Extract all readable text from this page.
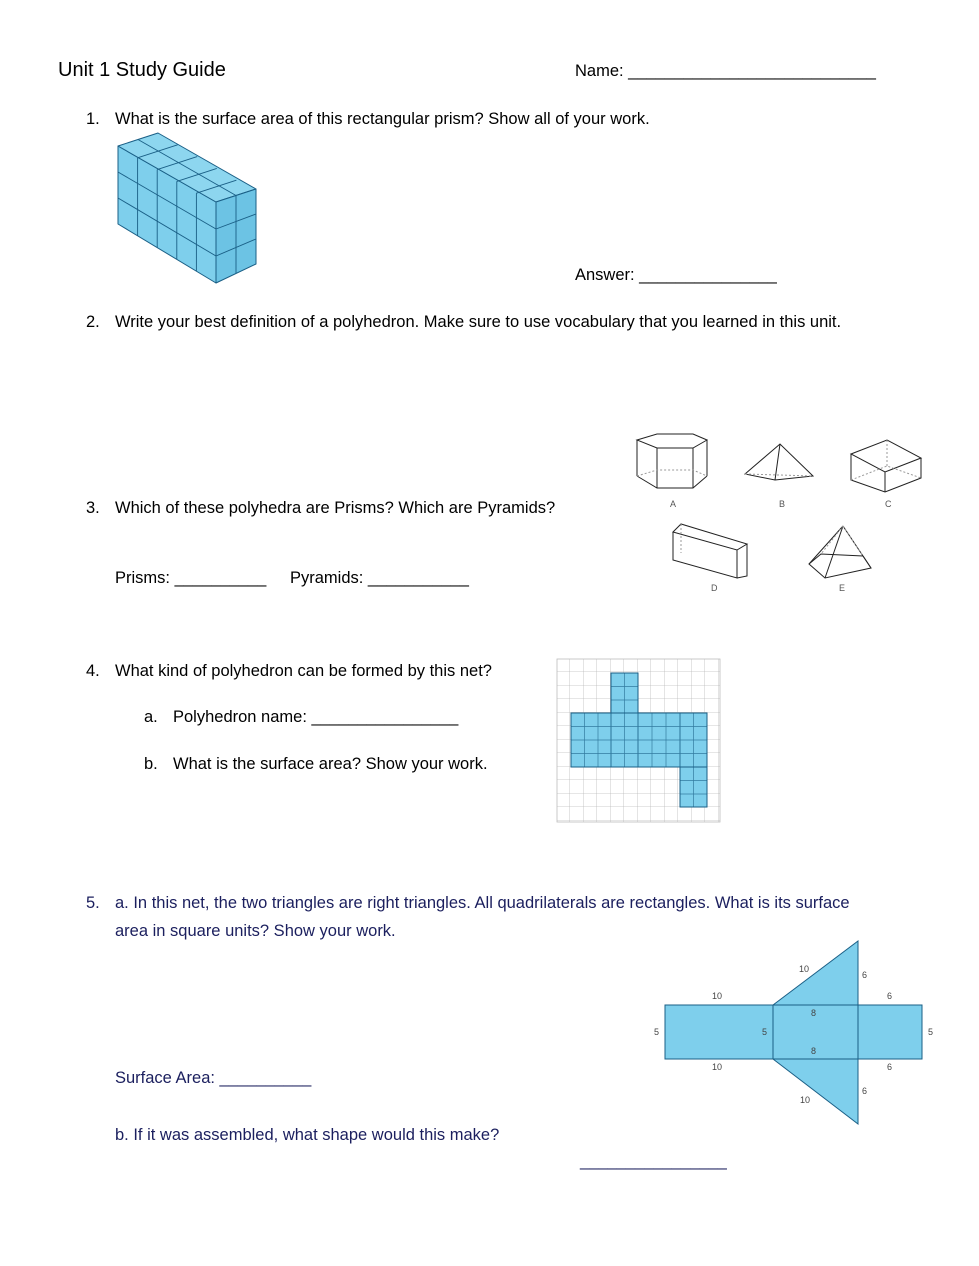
Unit 1 Study Guide	Name: ___________________________
1. What is the surface area of this rectangular prism? Show all of your work.
Answer: _______________
2. Write your best definition of a polyhedron. Make sure to use vocabulary that you learned in this unit.
3. Which of these polyhedra are Prisms? Which are Pyramids?
Prisms: __________ Pyramids: ___________
A	B	C
D	E
4. What kind of polyhedron can be formed by this net?
a. Polyhedron name: ________________
b. What is the surface area? Show your work.
5. a. In this net, the two triangles are right triangles. All quadrilaterals are rectangles. What is its surface
area in square units? Show your work.
Surface Area: __________
b. If it was assembled, what shape would this make?
________________
10
10
5	5	5
8
8
10
10
6
6
6
6
